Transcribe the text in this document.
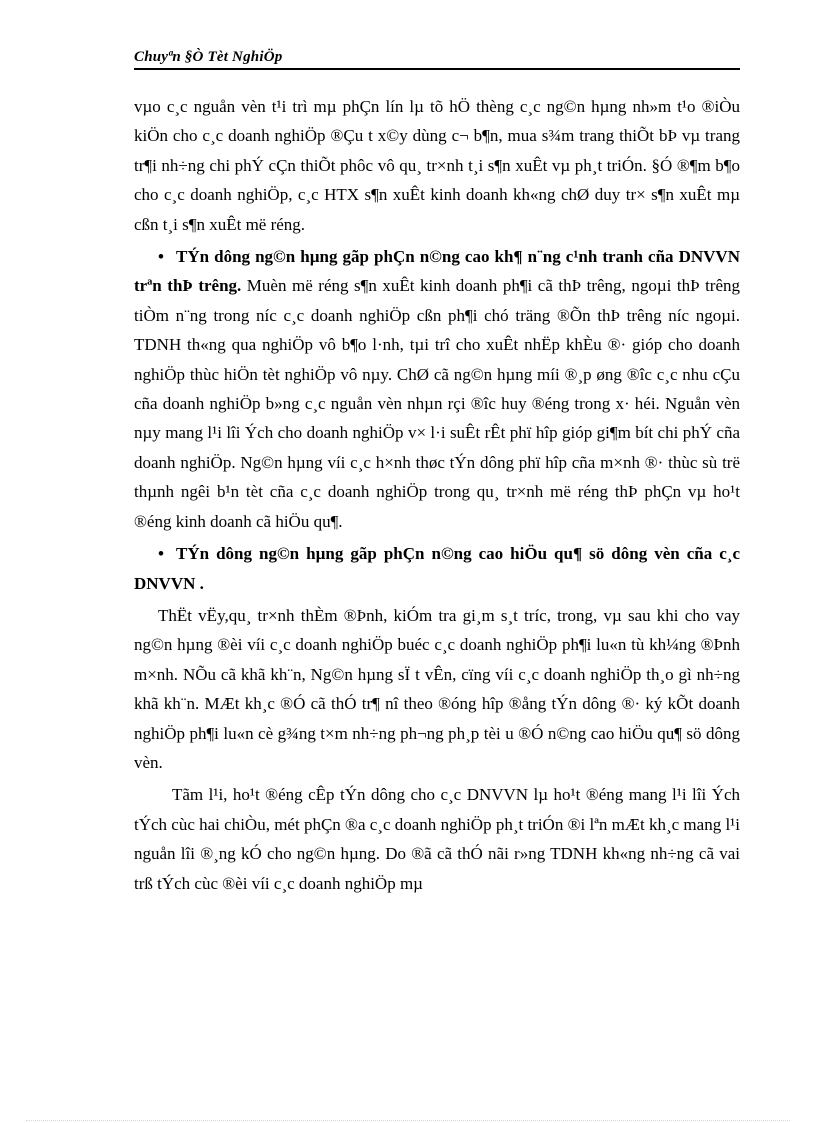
Chuyªn §Ò Tèt NghiÖp

vµo c¸c nguån vèn t¹i trì mµ phÇn lín lµ tõ hÖ thèng c¸c ng©n hµng nh»m t¹o ®iÒu kiÖn cho c¸c doanh nghiÖp ®Çu t x©y dùng c¬ b¶n, mua s¾m trang thiÕt bÞ vµ trang tr¶i nh÷ng chi phÝ cÇn thiÕt phôc vô qu¸ tr×nh t¸i s¶n xuÊt vµ ph¸t triÓn. §Ó ®¶m b¶o cho c¸c doanh nghiÖp, c¸c HTX s¶n xuÊt kinh doanh kh«ng chØ duy tr× s¶n xuÊt mµ cßn t¸i s¶n xuÊt më réng.

• TÝn dông ng©n hµng gãp phÇn n©ng cao kh¶ n¨ng c¹nh tranh cña DNVVN trªn thÞ trêng. Muèn më réng s¶n xuÊt kinh doanh ph¶i cã thÞ trêng, ngoµi thÞ trêng tiÒm n¨ng trong níc c¸c doanh nghiÖp cßn ph¶i chó träng ®Õn thÞ trêng níc ngoµi. TDNH th«ng qua nghiÖp vô b¶o l·nh, tµi trî cho xuÊt nhËp khÈu ®· gióp cho doanh nghiÖp thùc hiÖn tèt nghiÖp vô nµy. ChØ cã ng©n hµng míi ®¸p øng ®îc c¸c nhu cÇu cña doanh nghiÖp b»ng c¸c nguån vèn nhµn rçi ®îc huy ®éng trong x· héi. Nguån vèn nµy mang l¹i lîi Ých cho doanh nghiÖp v× l·i suÊt rÊt phï hîp gióp gi¶m bít chi phÝ cña doanh nghiÖp. Ng©n hµng víi c¸c h×nh thøc tÝn dông phï hîp cña m×nh ®· thùc sù trë thµnh ngêi b¹n tèt cña c¸c doanh nghiÖp trong qu¸ tr×nh më réng thÞ phÇn vµ ho¹t ®éng kinh doanh cã hiÖu qu¶.

• TÝn dông ng©n hµng gãp phÇn n©ng cao hiÖu qu¶ sö dông vèn cña c¸c DNVVN .

ThËt vËy,qu¸ tr×nh thÈm ®Þnh, kiÓm tra gi¸m s¸t tríc, trong, vµ sau khi cho vay ng©n hµng ®èi víi c¸c doanh nghiÖp buéc c¸c doanh nghiÖp ph¶i lu«n tù kh¼ng ®Þnh m×nh. NÕu cã khã kh¨n, Ng©n hµng sÏ t vÊn, cïng víi c¸c doanh nghiÖp th¸o gì nh÷ng khã kh¨n. MÆt kh¸c ®Ó cã thÓ tr¶ nî theo ®óng hîp ®ång tÝn dông ®· ký kÕt doanh nghiÖp ph¶i lu«n cè g¾ng t×m nh÷ng ph¬ng ph¸p tèi u ®Ó n©ng cao hiÖu qu¶ sö dông vèn.

Tãm l¹i, ho¹t ®éng cÊp tÝn dông cho c¸c DNVVN lµ ho¹t ®éng mang l¹i lîi Ých tÝch cùc hai chiÒu, mét phÇn ®a c¸c doanh nghiÖp ph¸t triÓn ®i lªn mÆt kh¸c mang l¹i nguån lîi ®¸ng kÓ cho ng©n hµng. Do ®ã cã thÓ nãi r»ng TDNH kh«ng nh÷ng cã vai trß tÝch cùc ®èi víi c¸c doanh nghiÖp mµ
